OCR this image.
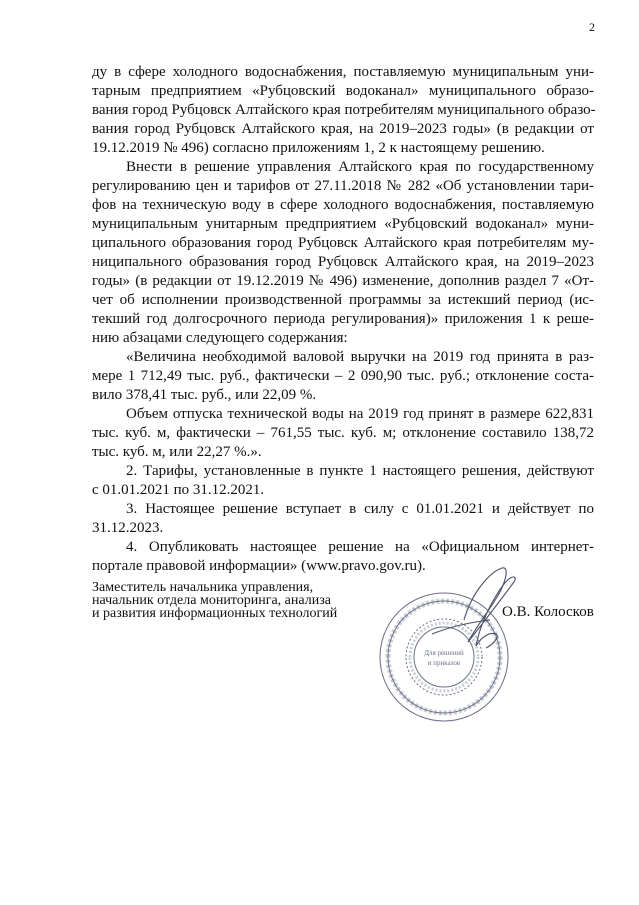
2
ду в сфере холодного водоснабжения, поставляемую муниципальным уни-
тарным предприятием «Рубцовский водоканал» муниципального образо-
вания город Рубцовск Алтайского края потребителям муниципального образо-
вания город Рубцовск Алтайского края, на 2019–2023 годы» (в редакции от
19.12.2019 № 496) согласно приложениям 1, 2 к настоящему решению.
Внести в решение управления Алтайского края по государственному
регулированию цен и тарифов от 27.11.2018 № 282 «Об установлении тари-
фов на техническую воду в сфере холодного водоснабжения, поставляемую
муниципальным унитарным предприятием «Рубцовский водоканал» муни-
ципального образования город Рубцовск Алтайского края потребителям му-
ниципального образования город Рубцовск Алтайского края, на 2019–2023
годы» (в редакции от 19.12.2019 № 496) изменение, дополнив раздел 7 «От-
чет об исполнении производственной программы за истекший период (ис-
текший год долгосрочного периода регулирования)» приложения 1 к реше-
нию абзацами следующего содержания:
«Величина необходимой валовой выручки на 2019 год принята в раз-
мере 1 712,49 тыс. руб., фактически – 2 090,90 тыс. руб.; отклонение соста-
вило 378,41 тыс. руб., или 22,09 %.
Объем отпуска технической воды на 2019 год принят в размере 622,831
тыс. куб. м, фактически – 761,55 тыс. куб. м; отклонение составило 138,72
тыс. куб. м, или 22,27 %.».
2. Тарифы, установленные в пункте 1 настоящего решения, действуют
с 01.01.2021 по 31.12.2021.
3. Настоящее решение вступает в силу с 01.01.2021 и действует по
31.12.2023.
4. Опубликовать настоящее решение на «Официальном интернет-
портале правовой информации» (www.pravo.gov.ru).
Заместитель начальника управления,
начальник отдела мониторинга, анализа
и развития информационных технологий	О.В. Колосков
Для решений
и приказов
